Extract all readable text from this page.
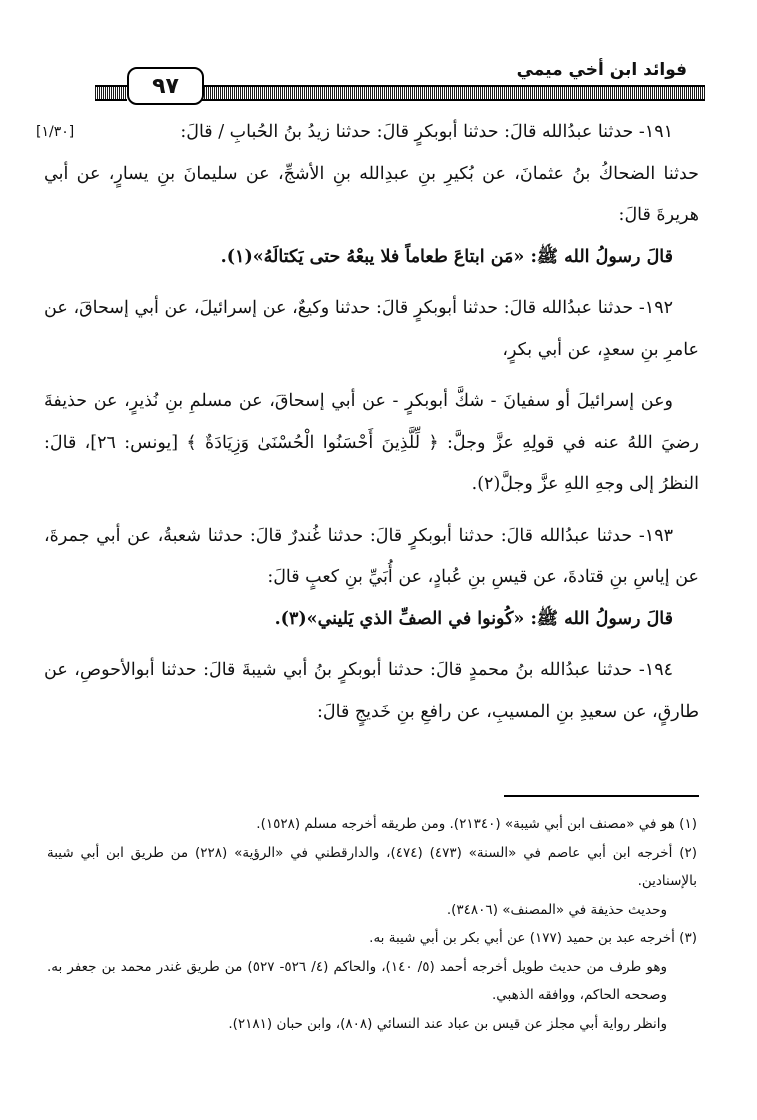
فوائد ابن أخي ميمي
٩٧
[١/٣٠]	١٩١- حدثنا عبدُالله قالَ: حدثنا أبوبكرٍ قالَ: حدثنا زيدُ بنُ الحُبابِ / قالَ:

حدثنا الضحاكُ بنُ عثمانَ، عن بُكيرِ بنِ عبدِالله بنِ الأشجِّ، عن سليمانَ بنِ يسارٍ، عن أبي هريرةَ قالَ:

قالَ رسولُ الله ﷺ: «مَن ابتاعَ طعاماً فلا يبعْهُ حتى يَكتالَهُ»(١).

١٩٢- حدثنا عبدُالله قالَ: حدثنا أبوبكرٍ قالَ: حدثنا وكيعٌ، عن إسرائيلَ، عن أبي إسحاقَ، عن عامرِ بنِ سعدٍ، عن أبي بكرٍ،

وعن إسرائيلَ أو سفيانَ - شكَّ أبوبكرٍ - عن أبي إسحاقَ، عن مسلمِ بنِ نُذيرٍ، عن حذيفةَ رضيَ اللهُ عنه في قولِهِ عزَّ وجلَّ: ﴿ لِّلَّذِينَ أَحْسَنُوا الْحُسْنَىٰ وَزِيَادَةٌ ﴾ [يونس: ٢٦]، قالَ: النظرُ إلى وجهِ اللهِ عزَّ وجلَّ(٢).

١٩٣- حدثنا عبدُالله قالَ: حدثنا أبوبكرٍ قالَ: حدثنا غُندرٌ قالَ: حدثنا شعبةُ، عن أبي جمرةَ، عن إياسِ بنِ قتادةَ، عن قيسِ بنِ عُبادٍ، عن أُبَيِّ بنِ كعبٍ قالَ:

قالَ رسولُ الله ﷺ: «كُونوا في الصفِّ الذي يَليني»(٣).

١٩٤- حدثنا عبدُالله بنُ محمدٍ قالَ: حدثنا أبوبكرٍ بنُ أبي شيبةَ قالَ: حدثنا أبوالأحوصِ، عن طارقٍ، عن سعيدِ بنِ المسيبِ، عن رافعِ بنِ خَديجٍ قالَ:

(١) هو في «مصنف ابن أبي شيبة» (٢١٣٤٠). ومن طريقه أخرجه مسلم (١٥٢٨).

(٢) أخرجه ابن أبي عاصم في «السنة» (٤٧٣) (٤٧٤)، والدارقطني في «الرؤية» (٢٢٨) من طريق ابن أبي شيبة بالإسنادين.

وحديث حذيفة في «المصنف» (٣٤٨٠٦).

(٣) أخرجه عبد بن حميد (١٧٧) عن أبي بكر بن أبي شيبة به.

وهو طرف من حديث طويل أخرجه أحمد (٥/ ١٤٠)، والحاكم (٤/ ٥٢٦- ٥٢٧) من طريق غندر محمد بن جعفر به. وصححه الحاكم، ووافقه الذهبي.

وانظر رواية أبي مجلز عن قيس بن عباد عند النسائي (٨٠٨)، وابن حبان (٢١٨١).
